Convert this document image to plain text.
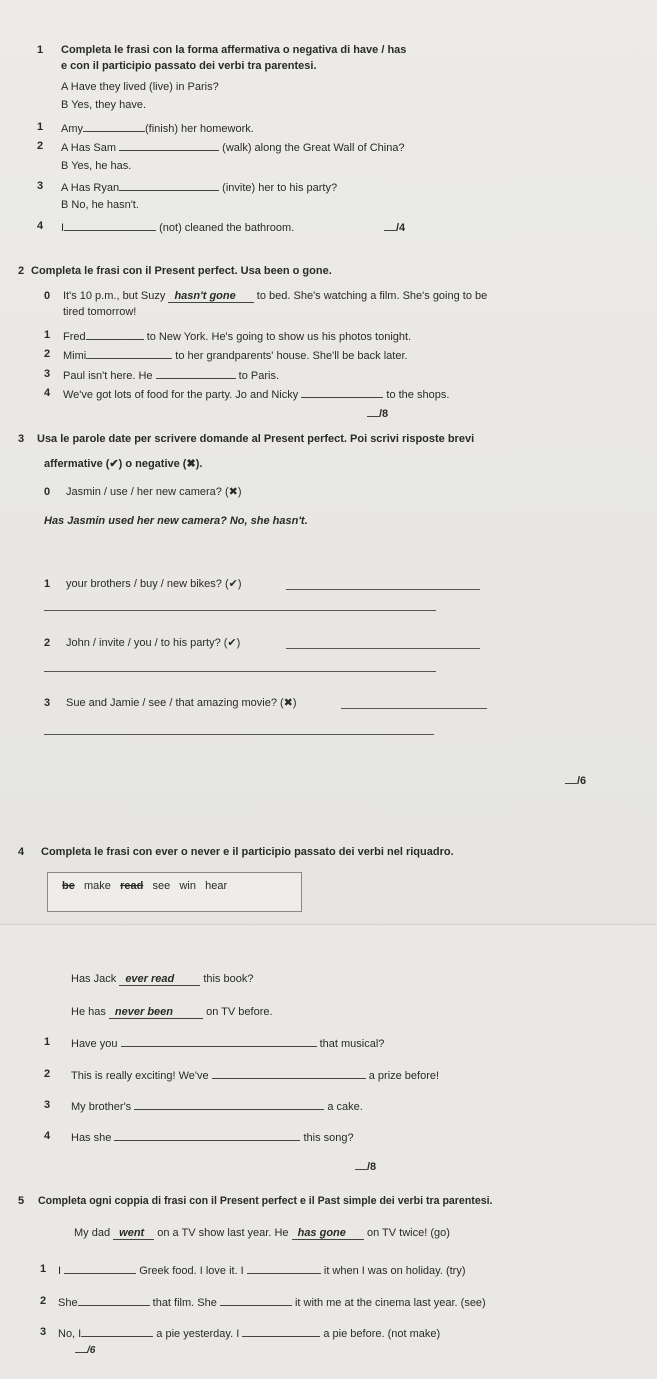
1 Completa le frasi con la forma affermativa o negativa di have / has
e con il participio passato dei verbi tra parentesi.
A Have they lived (live) in Paris?
B Yes, they have.
1 Amy	(finish) her homework.
2 A Has Sam	(walk) along the Great Wall of China?
B Yes, he has.
3 A Has Ryan	(invite) her to his party?
B No, he hasn't.
4 I	(not) cleaned the bathroom.	/4
2 Completa le frasi con il Present perfect. Usa been o gone.
0 It's 10 p.m., but Suzy hasn't gone to bed. She's watching a film. She's going to be
tired tomorrow!
1 Fred	to New York. He's going to show us his photos tonight.
2 Mimi	to her grandparents' house. She'll be back later.
3 Paul isn't here. He	to Paris.
4 We've got lots of food for the party. Jo and Nicky	to the shops.
/8
3 Usa le parole date per scrivere domande al Present perfect. Poi scrivi risposte brevi
affermative (✔) o negative (✖).
0 Jasmin / use / her new camera? (✖)
Has Jasmin used her new camera? No, she hasn't.
1 your brothers / buy / new bikes? (✔)
2 John / invite / you / to his party? (✔)
3 Sue and Jamie / see / that amazing movie? (✖)
/6
4 Completa le frasi con ever o never e il participio passato dei verbi nel riquadro.
be make read see win hear
Has Jack ever read	this book?
He has never been	on TV before.
1 Have you	that musical?
2 This is really exciting! We've	a prize before!
3 My brother's	a cake.
4 Has she	this song?
/8
5 Completa ogni coppia di frasi con il Present perfect e il Past simple dei verbi tra parentesi.
My dad went on a TV show last year. He has gone on TV twice! (go)
1 I	Greek food. I love it. I	it when I was on holiday. (try)
2 She	that film. She	it with me at the cinema last year. (see)
3 No, I	a pie yesterday. I	a pie before. (not make)
/6
